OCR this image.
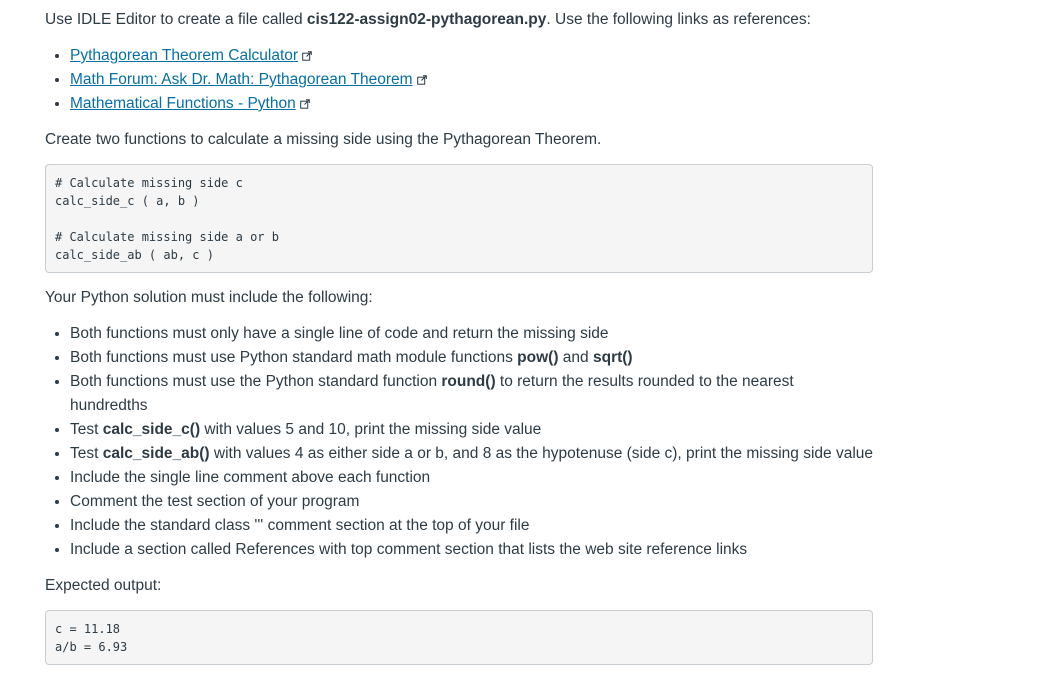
Use IDLE Editor to create a file called cis122-assign02-pythagorean.py. Use the following links as references:

• Pythagorean Theorem Calculator
• Math Forum: Ask Dr. Math: Pythagorean Theorem
• Mathematical Functions - Python

Create two functions to calculate a missing side using the Pythagorean Theorem.

# Calculate missing side c
calc_side_c ( a, b )
# Calculate missing side a or b
calc_side_ab ( ab, c )

Your Python solution must include the following:

• Both functions must only have a single line of code and return the missing side
• Both functions must use Python standard math module functions pow() and sqrt()
• Both functions must use the Python standard function round() to return the results rounded to the nearest hundredths
• Test calc_side_c() with values 5 and 10, print the missing side value
• Test calc_side_ab() with values 4 as either side a or b, and 8 as the hypotenuse (side c), print the missing side value
• Include the single line comment above each function
• Comment the test section of your program
• Include the standard class ''' comment section at the top of your file
• Include a section called References with top comment section that lists the web site reference links

Expected output:

c = 11.18
a/b = 6.93
